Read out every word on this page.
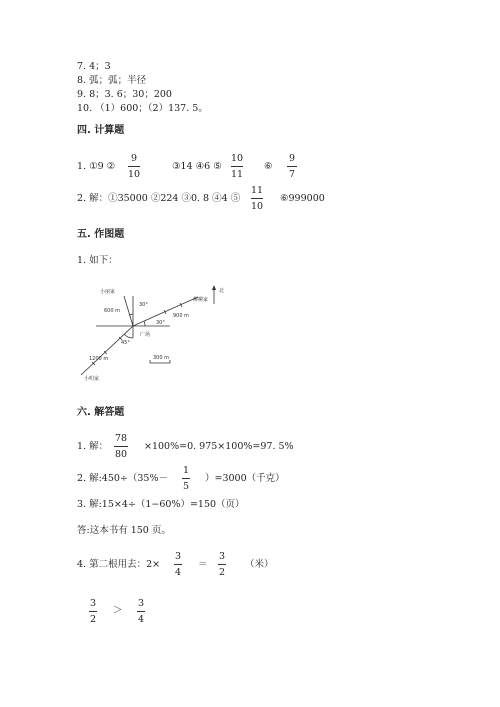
7. 4；3
8. 弧；弧；半径
9. 8；3. 6；30；200
10. （1）600；（2）137. 5。
四. 计算题
1. ①9 ②
9
10
③14 ④6 ⑤
10
11
⑥
9
7
2. 解：①35000 ②224 ③0. 8 ④4 ⑤
11
10
⑥999000
五. 作图题
1. 如下：
北
小丽家
600 m
30°
柳柳家
900 m
30°
广场
45°
1200 m
小明家
300 m
六. 解答题
1. 解：
78
80
×100%=0. 975×100%=97. 5%
2. 解:450÷（35%－
1
5
）=3000（千克）
3. 解:15×4÷（1−60%）=150（页）
答:这本书有 150 页。
4. 第二根用去：2×
3
4
＝
3
2
（米）
3
2
＞
3
4
